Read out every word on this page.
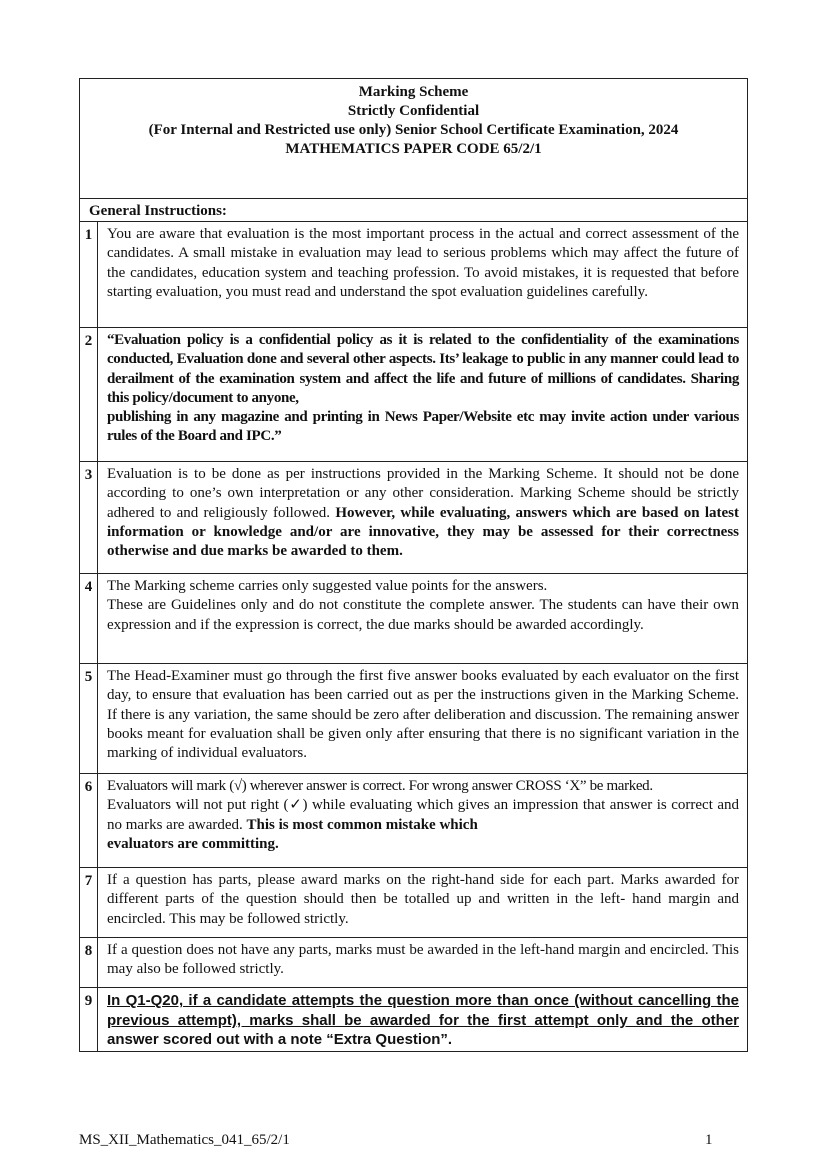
Marking Scheme
Strictly Confidential
(For Internal and Restricted use only) Senior School Certificate Examination, 2024
MATHEMATICS PAPER CODE 65/2/1	

General Instructions:	
1	You are aware that evaluation is the most important process in the actual and correct assessment of the candidates. A small mistake in evaluation may lead to serious problems which may affect the future of the candidates, education system and teaching profession. To avoid mistakes, it is requested that before starting evaluation, you must read and understand the spot evaluation guidelines carefully.
2	“Evaluation policy is a confidential policy as it is related to the confidentiality of the examinations conducted, Evaluation done and several other aspects. Its’ leakage to public in any manner could lead to derailment of the examination system and affect the life and future of millions of candidates. Sharing this policy/document to anyone,
publishing in any magazine and printing in News Paper/Website etc may invite action under various rules of the Board and IPC.”

3	Evaluation is to be done as per instructions provided in the Marking Scheme. It should not be done according to one’s own interpretation or any other consideration. Marking Scheme should be strictly adhered to and religiously followed. However, while evaluating, answers which are based on latest information or knowledge and/or are innovative, they may be assessed for their correctness otherwise and due marks be awarded to them.
4	The Marking scheme carries only suggested value points for the answers.
These are Guidelines only and do not constitute the complete answer. The students can have their own expression and if the expression is correct, the due marks should be awarded accordingly.

5	The Head-Examiner must go through the first five answer books evaluated by each evaluator on the first day, to ensure that evaluation has been carried out as per the instructions given in the Marking Scheme. If there is any variation, the same should be zero after deliberation and discussion. The remaining answer books meant for evaluation shall be given only after ensuring that there is no significant variation in the marking of individual evaluators.
6	Evaluators will mark (√) wherever answer is correct. For wrong answer CROSS ‘X” be marked.
Evaluators will not put right (✓) while evaluating which gives an impression that answer is correct and no marks are awarded. This is most common mistake which
evaluators are committing.

7	If a question has parts, please award marks on the right-hand side for each part. Marks awarded for different parts of the question should then be totalled up and written in the left- hand margin and encircled. This may be followed strictly.
8	If a question does not have any parts, marks must be awarded in the left-hand margin and encircled. This may also be followed strictly.
9	In Q1-Q20, if a candidate attempts the question more than once (without cancelling the previous attempt), marks shall be awarded for the first attempt only and the other answer scored out with a note “Extra Question”.
MS_XII_Mathematics_041_65/2/1	1
